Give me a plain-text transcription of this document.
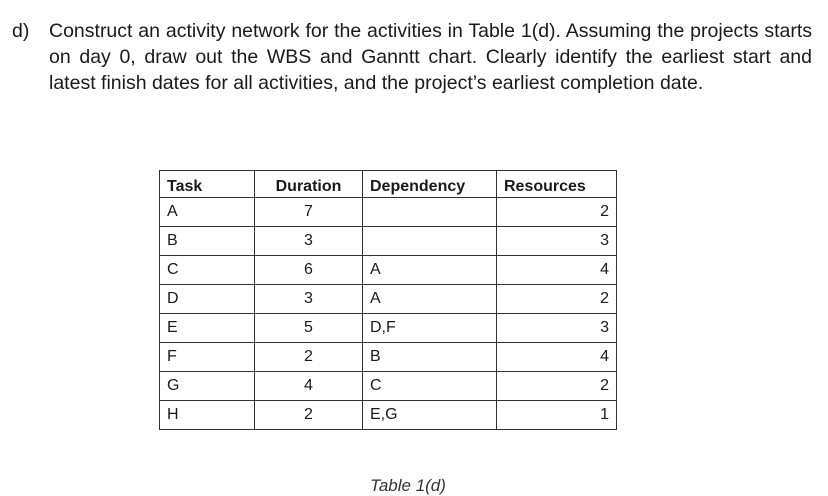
d) Construct an activity network for the activities in Table 1(d). Assuming the projects starts on day 0, draw out the WBS and Ganntt chart. Clearly identify the earliest start and latest finish dates for all activities, and the project’s earliest completion date.
Task	Duration	Dependency	Resources
A	7		2
B	3		3
C	6	A	4
D	3	A	2
E	5	D,F	3
F	2	B	4
G	4	C	2
H	2	E,G	1
Table 1(d)
